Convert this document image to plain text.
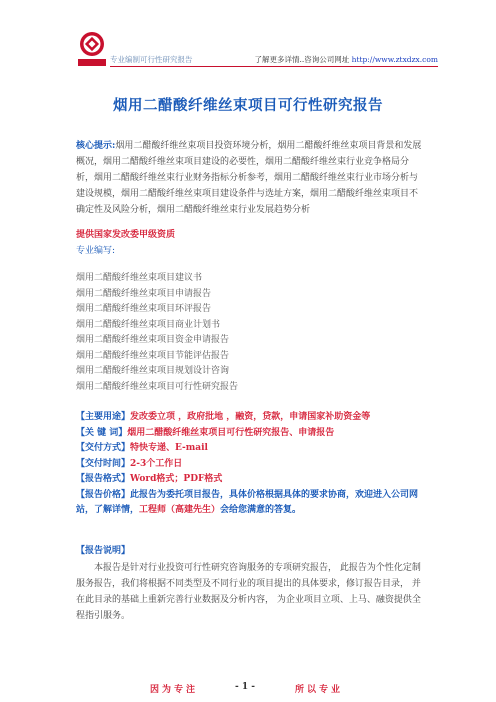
专业编制可行性研究报告	了解更多详情..咨询公司网址 http://www.ztxdzx.com
烟用二醋酸纤维丝束项目可行性研究报告
核心提示:烟用二醋酸纤维丝束项目投资环境分析，烟用二醋酸纤维丝束项目背景和发展概况，烟用二醋酸纤维丝束项目建设的必要性，烟用二醋酸纤维丝束行业竞争格局分析，烟用二醋酸纤维丝束行业财务指标分析参考，烟用二醋酸纤维丝束行业市场分析与建设规模，烟用二醋酸纤维丝束项目建设条件与选址方案，烟用二醋酸纤维丝束项目不确定性及风险分析，烟用二醋酸纤维丝束行业发展趋势分析
提供国家发改委甲级资质
专业编写:
烟用二醋酸纤维丝束项目建议书
烟用二醋酸纤维丝束项目申请报告
烟用二醋酸纤维丝束项目环评报告
烟用二醋酸纤维丝束项目商业计划书
烟用二醋酸纤维丝束项目资金申请报告
烟用二醋酸纤维丝束项目节能评估报告
烟用二醋酸纤维丝束项目规划设计咨询
烟用二醋酸纤维丝束项目可行性研究报告
【主要用途】发改委立项 ，政府批地 ，融资，贷款，申请国家补助资金等
【关 键 词】烟用二醋酸纤维丝束项目可行性研究报告、申请报告
【交付方式】特快专递、E-mail
【交付时间】2-3个工作日
【报告格式】Word格式；PDF格式
【报告价格】此报告为委托项目报告，具体价格根据具体的要求协商，欢迎进入公司网站，了解详情，工程师（高建先生）会给您满意的答复。
【报告说明】
本报告是针对行业投资可行性研究咨询服务的专项研究报告， 此报告为个性化定制服务报告，我们将根据不同类型及不同行业的项目提出的具体要求，修订报告目录， 并在此目录的基础上重新完善行业数据及分析内容， 为企业项目立项、上马、融资提供全程指引服务。
因为专注	- 1 -	所以专业
